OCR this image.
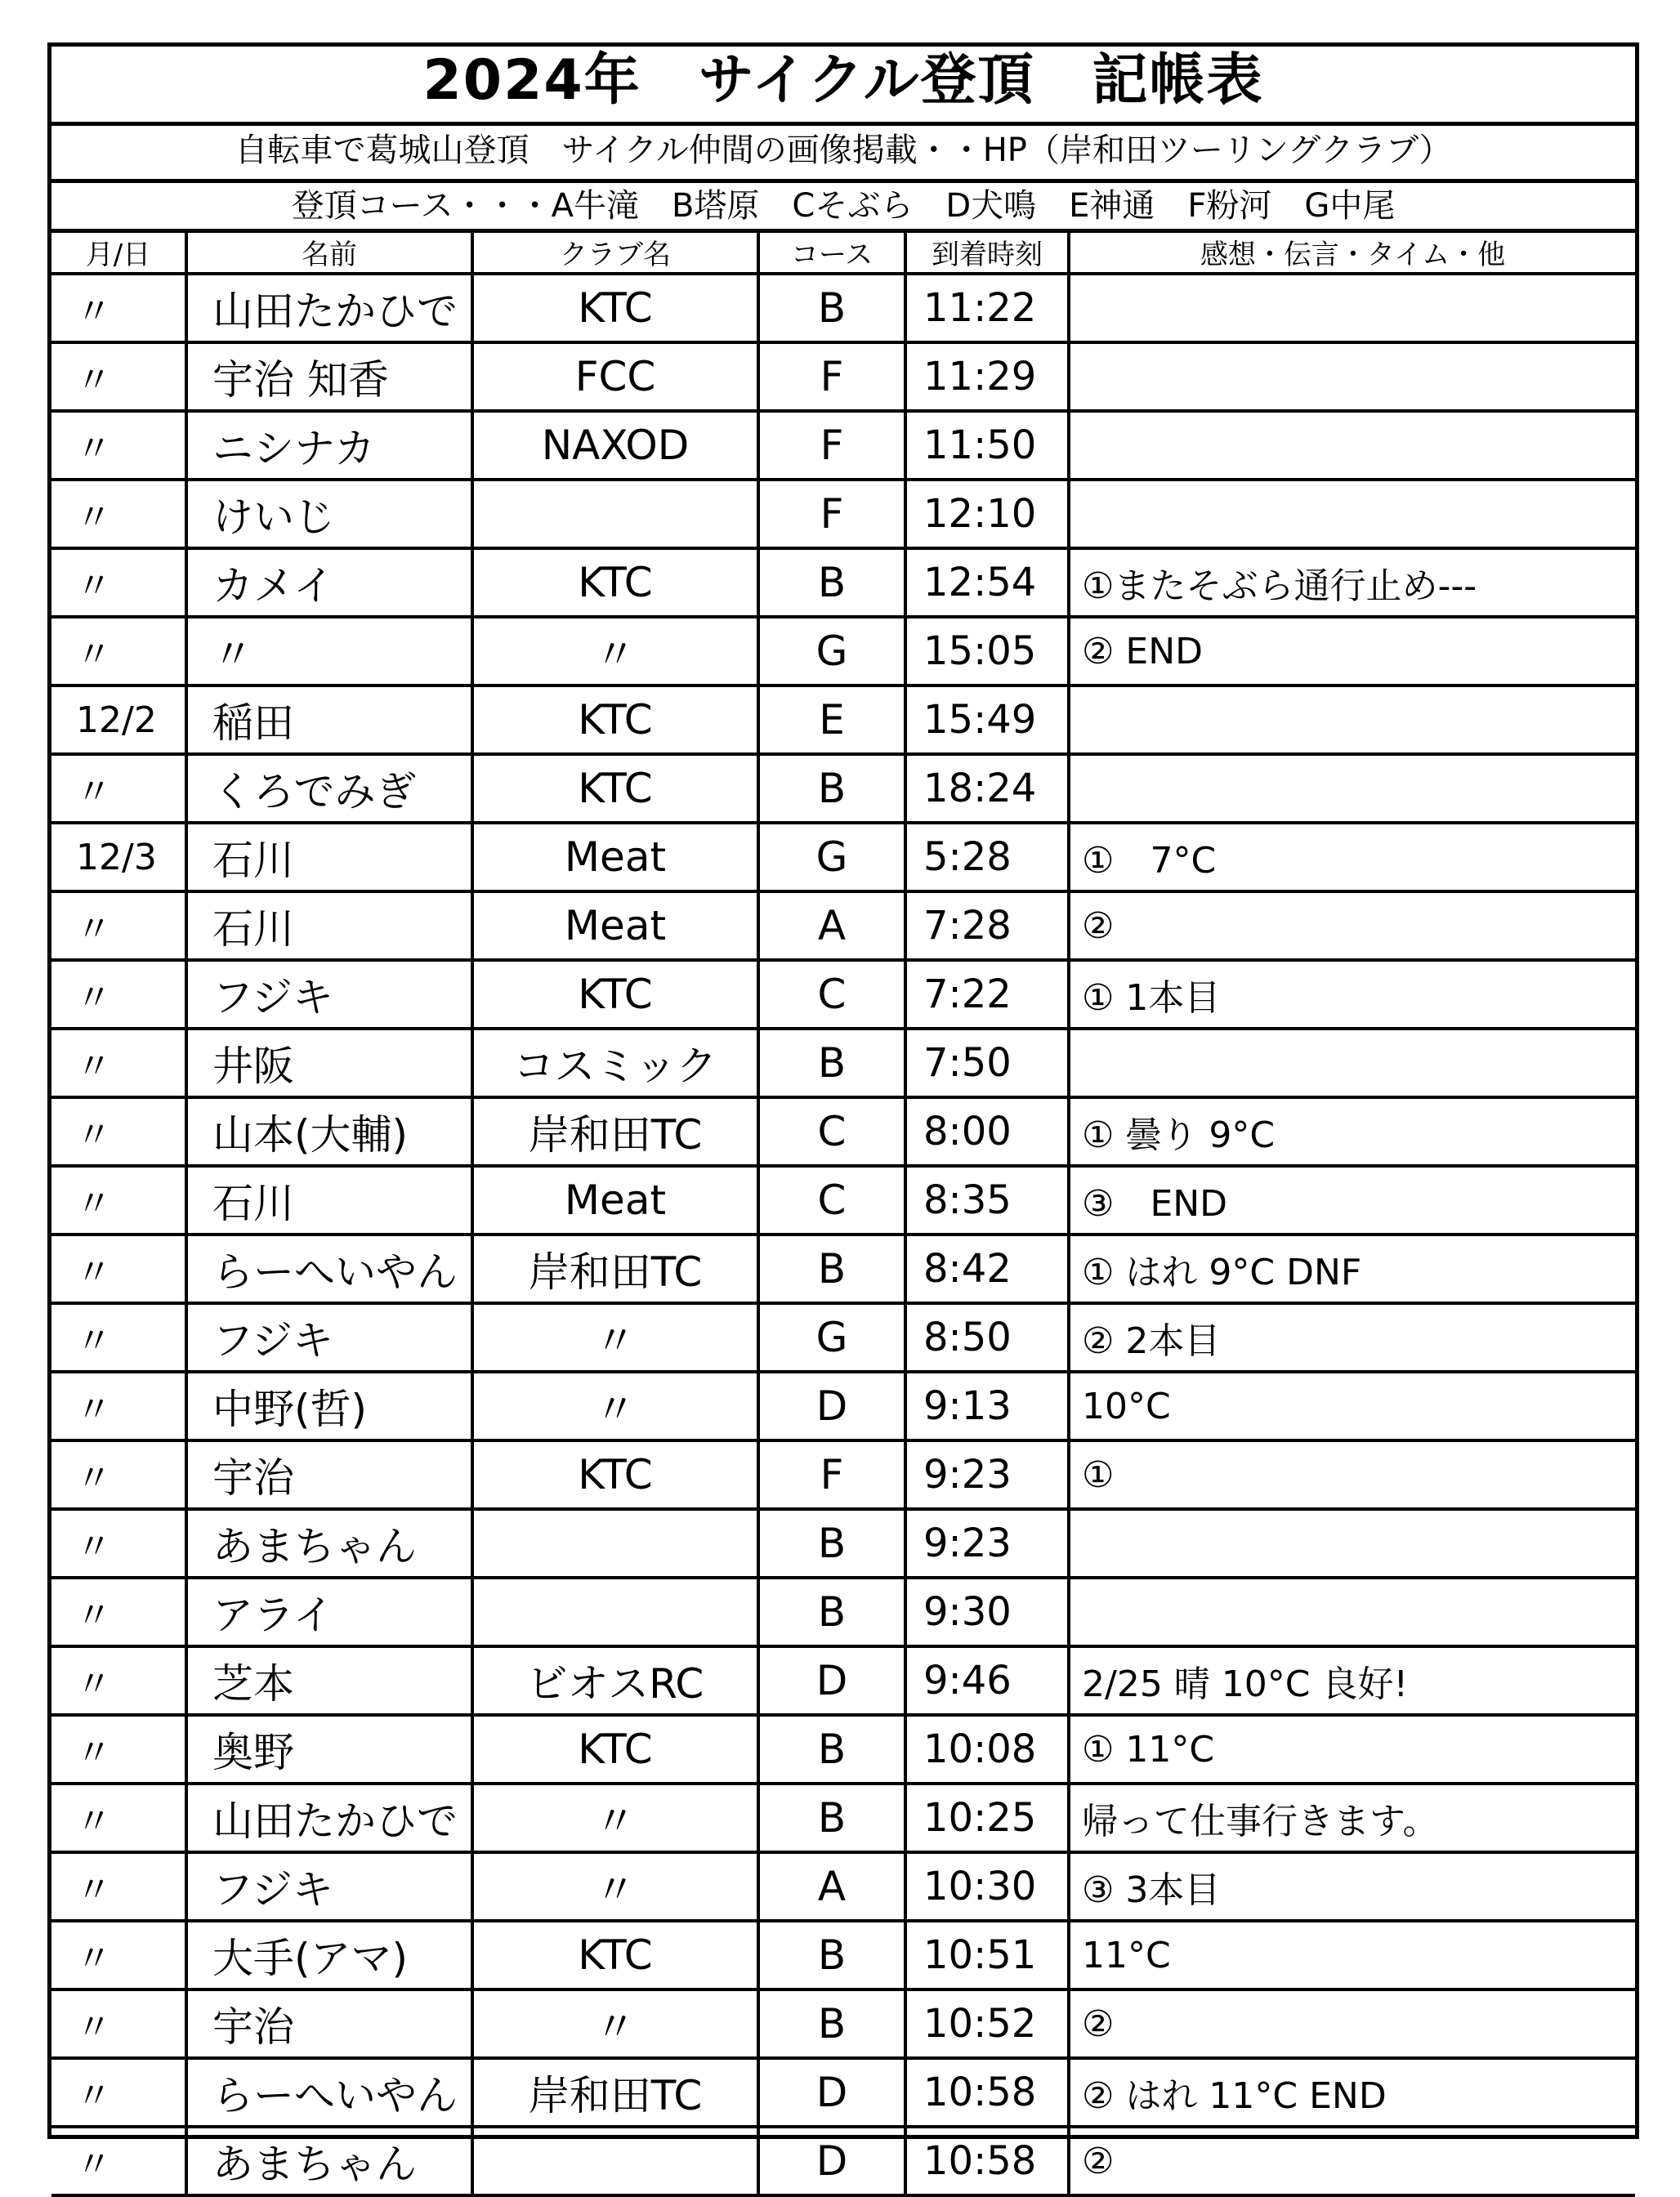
2024年　サイクル登頂　記帳表
自転車で葛城山登頂　サイクル仲間の画像掲載・・HP（岸和田ツーリングクラブ）
登頂コース・・・A牛滝　B塔原　Cそぶら　D犬鳴　E神通　F粉河　G中尾
月/日	名前	クラブ名	コース	到着時刻	感想・伝言・タイム・他
〃	山田たかひで	KTC	B	11:22	
〃	宇治 知香	FCC	F	11:29	
〃	ニシナカ	NAXOD	F	11:50	
〃	けいじ		F	12:10	
〃	カメイ	KTC	B	12:54	①またそぶら通行止め---
〃	〃	〃	G	15:05	② END
12/2	稲田	KTC	E	15:49	
〃	くろでみぎ	KTC	B	18:24	
12/3	石川	Meat	G	5:28	①　7°C
〃	石川	Meat	A	7:28	②
〃	フジキ	KTC	C	7:22	① 1本目
〃	井阪	コスミック	B	7:50	
〃	山本(大輔)	岸和田TC	C	8:00	① 曇り 9°C
〃	石川	Meat	C	8:35	③　END
〃	らーへいやん	岸和田TC	B	8:42	① はれ 9°C DNF
〃	フジキ	〃	G	8:50	② 2本目
〃	中野(哲)	〃	D	9:13	10°C
〃	宇治	KTC	F	9:23	①
〃	あまちゃん		B	9:23	
〃	アライ		B	9:30	
〃	芝本	ビオスRC	D	9:46	2/25 晴 10°C 良好!
〃	奥野	KTC	B	10:08	① 11°C
〃	山田たかひで	〃	B	10:25	帰って仕事行きます。
〃	フジキ	〃	A	10:30	③ 3本目
〃	大手(アマ)	KTC	B	10:51	11°C
〃	宇治	〃	B	10:52	②
〃	らーへいやん	岸和田TC	D	10:58	② はれ 11°C END
〃	あまちゃん		D	10:58	②
